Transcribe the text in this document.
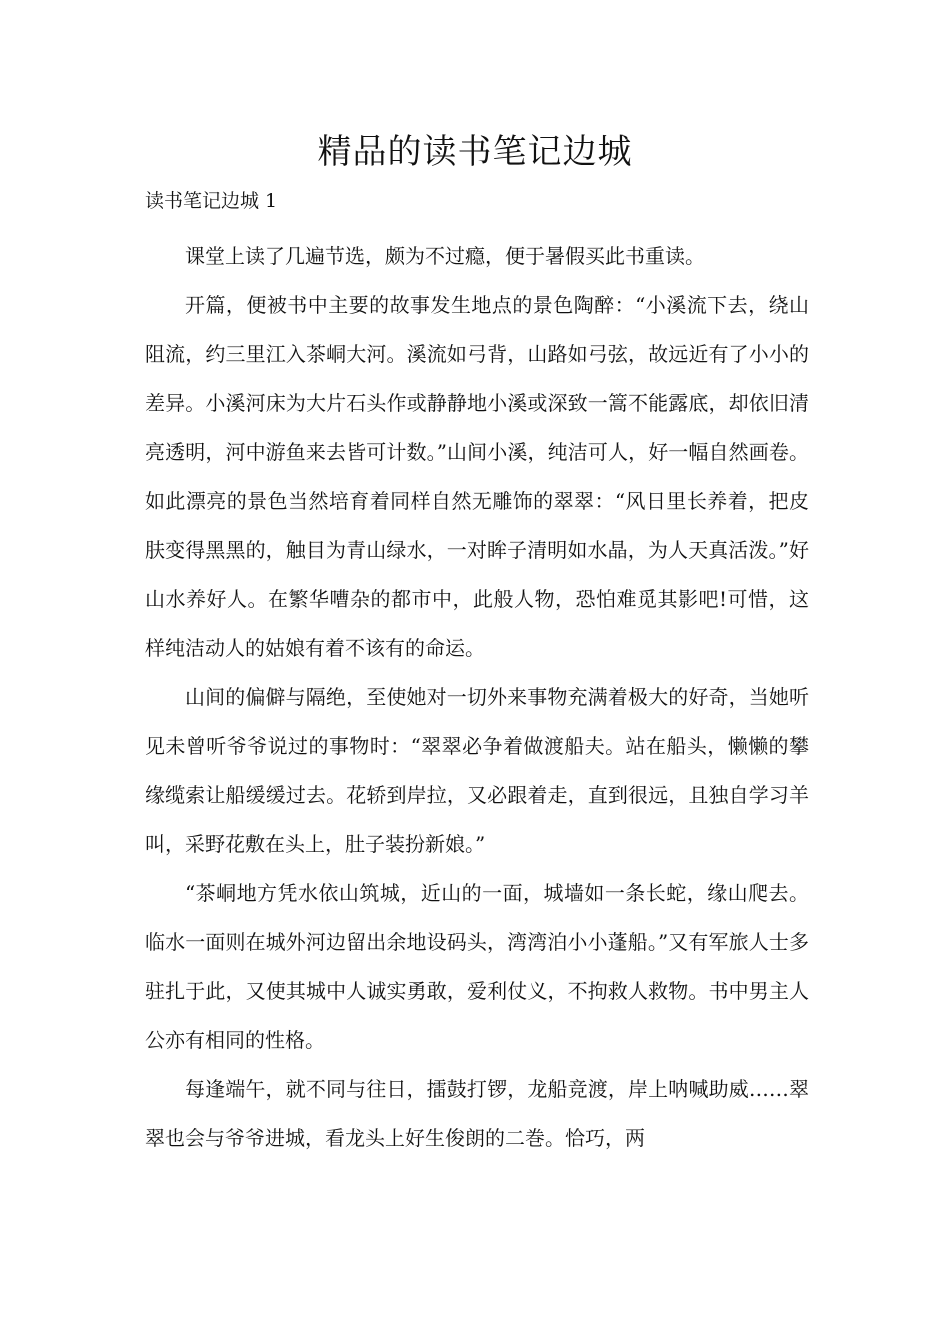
精品的读书笔记边城
读书笔记边城 1

课堂上读了几遍节选，颇为不过瘾，便于暑假买此书重读。

开篇，便被书中主要的故事发生地点的景色陶醉：“小溪流下去，绕山阻流，约三里江入茶峒大河。溪流如弓背，山路如弓弦，故远近有了小小的差异。小溪河床为大片石头作或静静地小溪或深致一篙不能露底，却依旧清亮透明，河中游鱼来去皆可计数。”山间小溪，纯洁可人，好一幅自然画卷。如此漂亮的景色当然培育着同样自然无雕饰的翠翠：“风日里长养着，把皮肤变得黑黑的，触目为青山绿水，一对眸子清明如水晶，为人天真活泼。”好山水养好人。在繁华嘈杂的都市中，此般人物，恐怕难觅其影吧!可惜，这样纯洁动人的姑娘有着不该有的命运。

山间的偏僻与隔绝，至使她对一切外来事物充满着极大的好奇，当她听见未曾听爷爷说过的事物时：“翠翠必争着做渡船夫。站在船头，懒懒的攀缘缆索让船缓缓过去。花轿到岸拉，又必跟着走，直到很远，且独自学习羊叫，采野花敷在头上，肚子装扮新娘。”

“茶峒地方凭水依山筑城，近山的一面，城墙如一条长蛇，缘山爬去。临水一面则在城外河边留出余地设码头，湾湾泊小小蓬船。”又有军旅人士多驻扎于此，又使其城中人诚实勇敢，爱利仗义，不拘救人救物。书中男主人公亦有相同的性格。

每逢端午，就不同与往日，擂鼓打锣，龙船竞渡，岸上呐喊助威……翠翠也会与爷爷进城，看龙头上好生俊朗的二巻。恰巧，两
